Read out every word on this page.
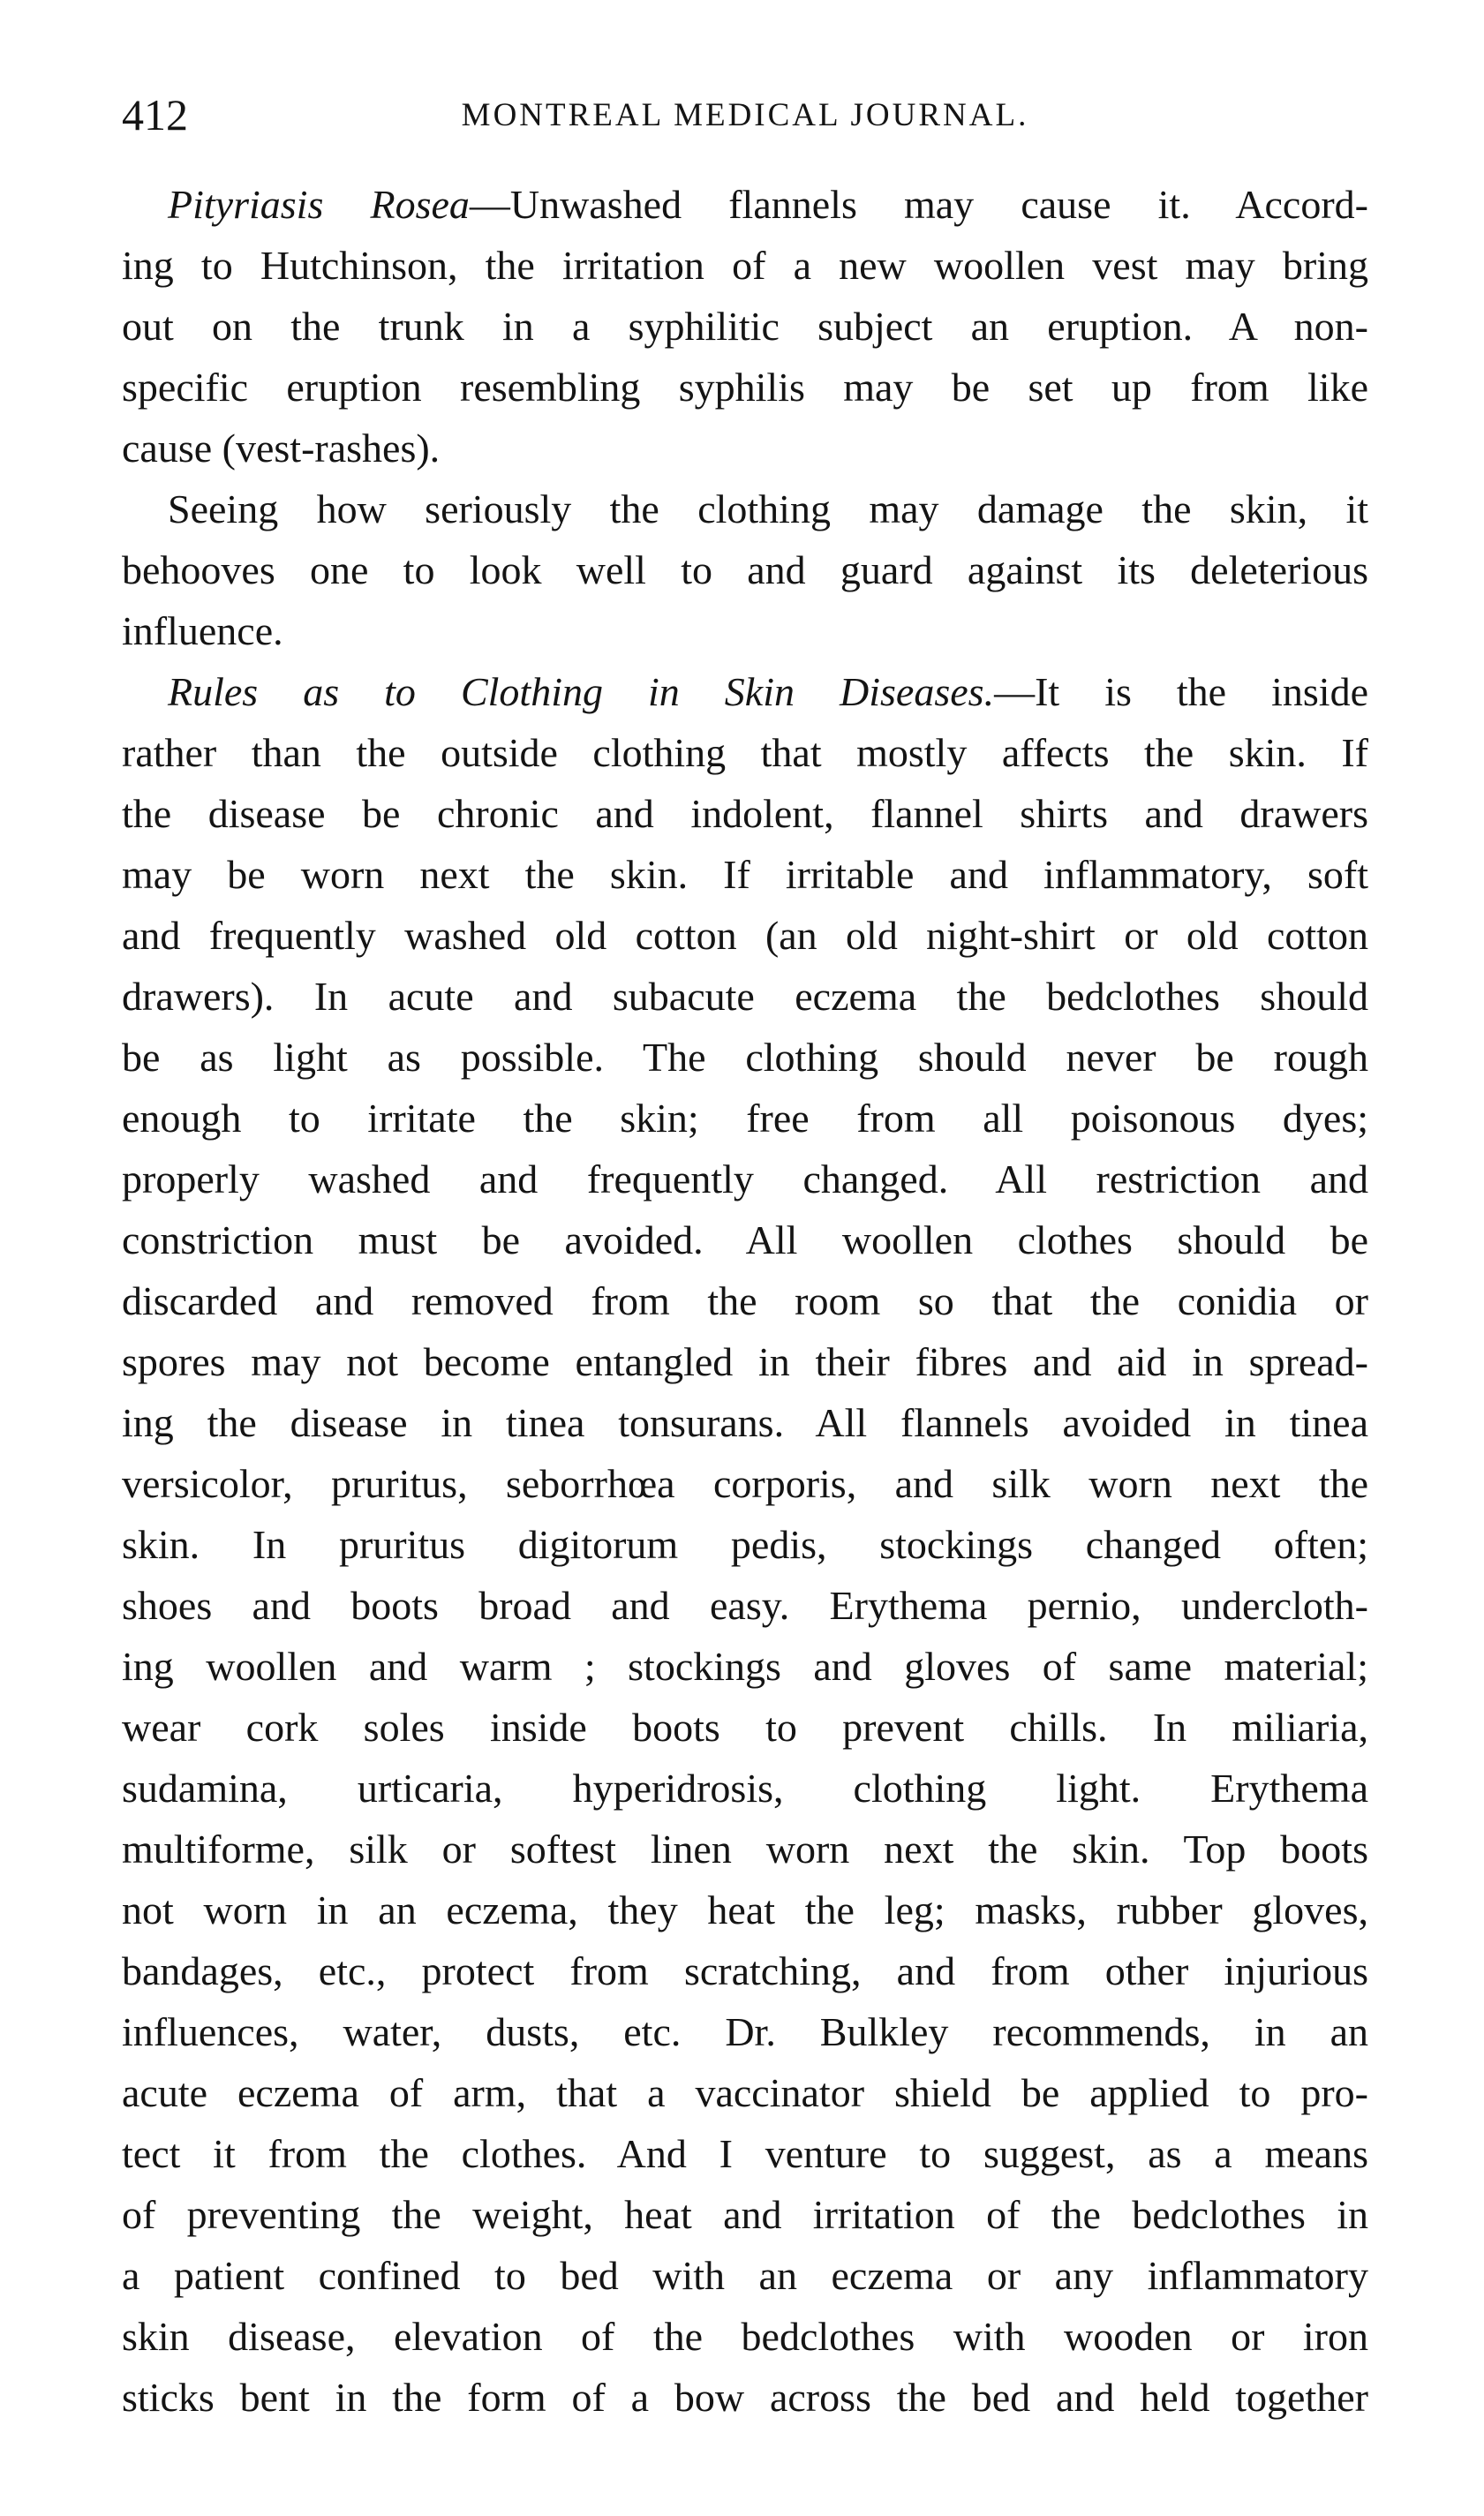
412	MONTREAL MEDICAL JOURNAL.
Pityriasis Rosea—Unwashed flannels may cause it. Accord-
ing to Hutchinson, the irritation of a new woollen vest may bring
out on the trunk in a syphilitic subject an eruption. A non-
specific eruption resembling syphilis may be set up from like
cause (vest-rashes).
Seeing how seriously the clothing may damage the skin, it
behooves one to look well to and guard against its deleterious
influence.
Rules as to Clothing in Skin Diseases.—It is the inside
rather than the outside clothing that mostly affects the skin. If
the disease be chronic and indolent, flannel shirts and drawers
may be worn next the skin. If irritable and inflammatory, soft
and frequently washed old cotton (an old night-shirt or old cotton
drawers). In acute and subacute eczema the bedclothes should
be as light as possible. The clothing should never be rough
enough to irritate the skin; free from all poisonous dyes;
properly washed and frequently changed. All restriction and
constriction must be avoided. All woollen clothes should be
discarded and removed from the room so that the conidia or
spores may not become entangled in their fibres and aid in spread-
ing the disease in tinea tonsurans. All flannels avoided in tinea
versicolor, pruritus, seborrhœa corporis, and silk worn next the
skin. In pruritus digitorum pedis, stockings changed often;
shoes and boots broad and easy. Erythema pernio, undercloth-
ing woollen and warm ; stockings and gloves of same material;
wear cork soles inside boots to prevent chills. In miliaria,
sudamina, urticaria, hyperidrosis, clothing light. Erythema
multiforme, silk or softest linen worn next the skin. Top boots
not worn in an eczema, they heat the leg; masks, rubber gloves,
bandages, etc., protect from scratching, and from other injurious
influences, water, dusts, etc. Dr. Bulkley recommends, in an
acute eczema of arm, that a vaccinator shield be applied to pro-
tect it from the clothes. And I venture to suggest, as a means
of preventing the weight, heat and irritation of the bedclothes in
a patient confined to bed with an eczema or any inflammatory
skin disease, elevation of the bedclothes with wooden or iron
sticks bent in the form of a bow across the bed and held together
